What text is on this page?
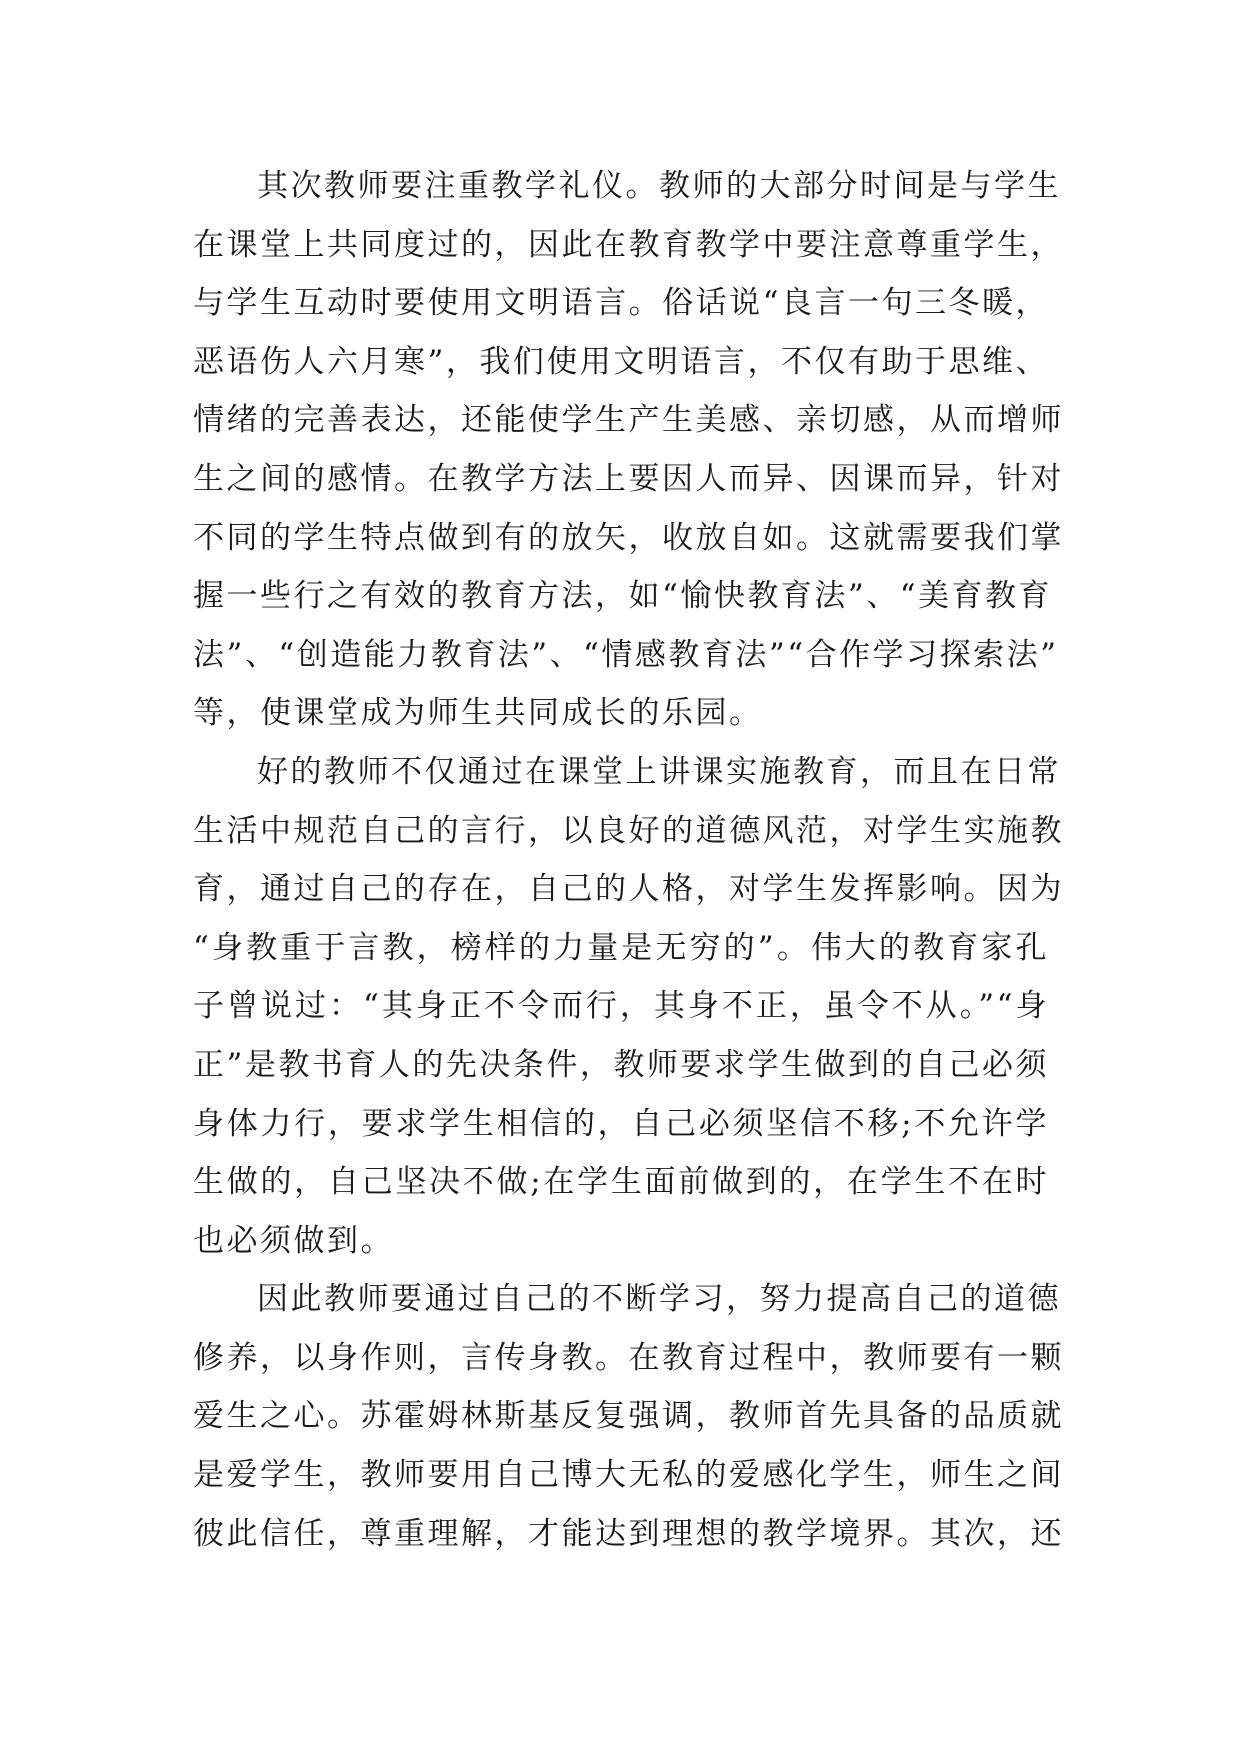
其次教师要注重教学礼仪。教师的大部分时间是与学生
在课堂上共同度过的，因此在教育教学中要注意尊重学生，
与学生互动时要使用文明语言。俗话说“良言一句三冬暖，
恶语伤人六月寒”，我们使用文明语言，不仅有助于思维、
情绪的完善表达，还能使学生产生美感、亲切感，从而增师
生之间的感情。在教学方法上要因人而异、因课而异，针对
不同的学生特点做到有的放矢，收放自如。这就需要我们掌
握一些行之有效的教育方法，如“愉快教育法”、“美育教育
法”、“创造能力教育法”、“情感教育法”“合作学习探索法”
等，使课堂成为师生共同成长的乐园。
好的教师不仅通过在课堂上讲课实施教育，而且在日常
生活中规范自己的言行，以良好的道德风范，对学生实施教
育，通过自己的存在，自己的人格，对学生发挥影响。因为
“身教重于言教，榜样的力量是无穷的”。伟大的教育家孔
子曾说过：“其身正不令而行，其身不正，虽令不从。”“身
正”是教书育人的先决条件，教师要求学生做到的自己必须
身体力行，要求学生相信的，自己必须坚信不移;不允许学
生做的，自己坚决不做;在学生面前做到的，在学生不在时
也必须做到。
因此教师要通过自己的不断学习，努力提高自己的道德
修养，以身作则，言传身教。在教育过程中，教师要有一颗
爱生之心。苏霍姆林斯基反复强调，教师首先具备的品质就
是爱学生，教师要用自己博大无私的爱感化学生，师生之间
彼此信任，尊重理解，才能达到理想的教学境界。其次，还
